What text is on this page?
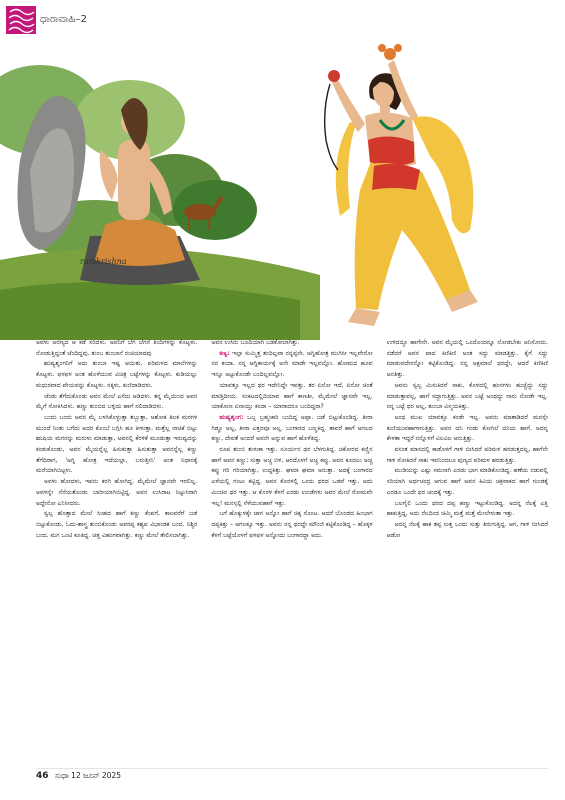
ಧಾರಾವಾಹಿ–2
ramkrishna

ಅವಳು ಅರಣ್ಯದ ಆ ಕಡೆ ಸರಿದಳು. ಅವನಿಗೆ ಬೆಗ ಬೆಗನೆ ತಿಂದಿಗಳನ್ನು ಕೊಟ್ಟಳು. ನೋಡುತ್ತಿದ್ದಂತೆ ಚೆಂದಿದ್ದವು. ತುಂಬ ತುಂಬಾನೆ ರುಚಿಯಾದವು

ಋಷ್ಯಶೃಂಗನಿಗೆ ಅದು ತುಂಬಾ ಇಷ್ಟ ಆಯಿತು. ಪರಿಮಳದ ಮಾಲೆಗಳನ್ನು ಕೊಟ್ಟಳು. ಫಳಫಳ ಅಂತ ಹೊಳೆಯುವ ವಿಚಿತ್ರ ಬಟ್ಟೆಗಳನ್ನು ಕೊಟ್ಟಳು. ಕುಡಿಯಲ್ಲು ಮಧುರವಾದ ಪೇಯವನ್ನು ಕೊಟ್ಟಳು. ನಕ್ಕಳು, ಕುಣಿದಾಡಿದಳು.

ಚೆಂಡು ತೆಗೆದುಕೊಂಡು ಅವನ ಮೇಲೆ ಎಸೆದು ಆಡಿದಳು. ತನ್ನ ಮೈಯಿಂದ ಅವನ ಮೈಗೆ ಸೋಕಿಸಿದಳು. ಹಣ್ಣು ತುಂಬಿದ ಬಳ್ಳಿಯ ಹಾಗೆ ನಲಿದಾಡಿದಳು.

ಬಂದು ಬಂದು ಅವನ ಮೈ ಬಳಸಿಕೊಳ್ಳುತ್ತಾ ತಬ್ಬುತ್ತಾ, ಅಶೋಕ ತಿಲಕ ಮರಗಳ ಮುಂದೆ ನಿಂತು ಬಗೆದು ಅದರ ಕೊಂಬೆ ಬಗ್ಗಿಸಿ ಹೂ ಕೀಳುತ್ತಾ, ಮತ್ತೆಲ್ಲ ನಾಚಿಕೆ ಬಿಟ್ಟು ಋಷಿಯ ಮಗನನ್ನು ಮರುಳು ಮಾಡುತ್ತಾ, ಅವನಲ್ಲಿ ಕೆರಳಿಕೆ ಮೂಡುತ್ತಾ ಇರುವ್ವದನ್ನು ಕಂಡುಕೊಂಡು, ಅವನ ಮೈಯನ್ನೆಲ್ಲ ಹಿಸುಕುತ್ತಾ ಹಿಸುಕುತ್ತಾ ಅವನನ್ನೆಲ್ಲ ಕಣ್ಣು ತೆಗೆದಿರಾಗ, 'ಅಗ್ನಿ ಹೋತ್ರ ಇದೆಯಲ್ಲಾ, ಬರುತ್ತೀನಿ' ಅಂತ ನಿಧಾನಕ್ಕೆ ಮರೆಯಾಗಿಬಿಟ್ಟಳು.

ಅವಳು ಹೋದಳು, ಇವನು ಕರಗಿ ಹೋಗಿದ್ದ. ಮೈಮೇಲೆ ಜ್ಞಾನವೇ ಇರಲಿಲ್ಲ. ಅವಳನ್ನೇ ನೆನೆಯತೊಂಡು ಬಾರೀಯಾಗಿಬಿಟ್ಟಿದ್ದ. ಅವನ ಉಸಿರಾಟ ನಿಟ್ಟುಸಿರಾಗಿ ಅದ್ದೇನೋ ಎನಿಸೀದರು.

ಸ್ವಲ್ಪ ಹೊತ್ತಾದ ಮೇಲೆ ಸಿಂಹದ ಹಾಗೆ ಕಣ್ಣು ಕೆಂಪಗೆ, ಕಾಲವರೆಗೆ ಜಡೆ ಬಿಟ್ಟುಕೊಂಡು, ಓದು-ಶಾಸ್ತ್ರ ತುಂಬಿಕೊಂಡು ಅವರಪ್ಪ ಕಶ್ಯಪ ವಿಭಾಂಡಕ ಬಂದ. ನಿಶ್ಚಿರ ಬಂದ. ಮಗ ಒಂಟಿ ಕೂತಿದ್ದ. ಚಿತ್ತ ವಿಹಂಗವಾಗಿತ್ತು. ಕಣ್ಣು ಮೇಲೆ ತೇಲಿಸಲಾಗಿತ್ತು.

ಅವನ ಉಸಿರು ಬೂದಿಯಾಗಿ ಬಡಕೋಲಾಗಿತ್ತು.

ಕಣ್ವ: ಇಲ್ಲಾ ಸುಮ್ಮಿತ್ತ ತಂದಿಲ್ಲವಾ ನನ್ನಪ್ಪನೇ. ಅಗ್ನಿಹೋತ್ರ ಮುಗಿಸೀ ಇಲ್ಲವೇನೋ ನನ ಕಂದಾ. ನನ್ನ ಆಗ್ನಿಕಾರ್ಯಕ್ಕೆ ಅನೇ ಮಾಡೇ ಇಲ್ಲವಲ್ಲೋ. ಹೋಮದ ಹೂವ ಇನ್ನೂ ಅಟ್ಟುಕೊಂಡೇ ಬಂದಿಲ್ಲವಲ್ಲೋ.

ಯಾವತ್ತೂ ಇಲ್ಲದ ಥರ ಇದೇನಿದ್ದೇ ಇವತ್ತು. ತರ ಏನೋ ಇದೆ, ಏನೋ ಚಿಂತೆ ಮಾಡ್ತಿದೀಯ. ಸಂಕಟದಲ್ಲಿದಿಯಾವ ಹಾಗೆ ಕಾಣತೀ, ಮೈಮೇಲೆ ಜ್ಞಾನವೇ ಇಲ್ಲ. ಯಾಕೋಣ ಏನಾಯ್ತು ಕಂದಾ – ಯಾರಾದರೂ ಬಂದಿದ್ದರಾ?

ಋಷ್ಯಶೃಂಗ: ಒಬ್ಬ ಬ್ರಹ್ಮಚಾರಿ ಬಂದಿದ್ದ ಅಪ್ಪಾ. ಜಡೆ ಬಿಟ್ಟುಕೊಂಡಿದ್ದ. ತೀರಾ ಗಿಡ್ಡೂ ಅಲ್ಲ, ತೀರಾ ಎತ್ತರವೂ ಅಲ್ಲ. ಬಂಗಾರದ ಬಣ್ಣಕಿದ್ದ. ತಾವರೆ ಹಾಗೆ ಅಗಲದ ಕಣ್ಣು, ದೇವತೆ ಅಂದರೆ ಅವನೇ ಅನ್ನುವ ಹಾಗೆ ಹೊಳೆತಿದ್ದ.

ರೂಪ ತುಂಬಿ ತುಳುಕಾ ಇತ್ತು. ಸೂರ್ಯನ ಥರ ಬೆಳಗುತಿದ್ದ. ಚಕೋರದ ಕಣ್ಣಿನ ಹಾಗೆ ಅವನ ಕಣ್ಣು; ಸುತ್ತಾ ಅಚ್ಚ ಬಿಳಿ, ಆರದೊಳಗೆ ಅಚ್ಚ ಕಪ್ಪು. ಅವನ ಕೂದಲು ಅಚ್ಚ ಕಪ್ಪು ಗರಿ ಗರಿಯಾಗಿತ್ತು, ಉದ್ದಕಿತ್ತು. ಘಮಾ ಘಮಾ ಅನುತ್ತಾ. ಅದಕ್ಕೆ ಬಂಗಾರದ ಎಳೆಯಲ್ಲಿ ಗಂಟು ಕಟ್ಟಿದ್ದ. ಅವನ ಕೊರಳಲ್ಲಿ ಒಂದು ಥರದ ಒಡವೆ ಇತ್ತು. ಅದು ಮಿಂಚಿನ ಥರ ಇತ್ತು. ಆ ಕೊರಳ ಕೆಳಗೆ ಎರಡು ಉಂಡೆಗಳು ಅವರ ಮೇಲೆ ರೋಮವೇ ಇಲ್ಲ! ಮನಸ್ಸಲ್ಲಿ ಸೆಳೆಯುವಹಾಗೆ ಇತ್ತು.

ಬಗೆ ಹೊಕ್ಕುಳಕ್ಕೇ ಜಾಗ ಅನ್ನೋ ಹಾಗೆ ಚಿಕ್ಕ ಸೊಂಟ. ಆದರೆ ಬೊಂಡದ ಹಿಂಭಾಗ ದಪ್ಪಕಿತ್ತು – ಅಗಲಕ್ಕೂ ಇತ್ತು. ಅವನು ನನ್ನ ಥರದ್ದೇ ಮೌಂಜಿ ಕಟ್ಟಿಕೊಂಡಿದ್ದ – ಹೊಕ್ಕಳ ಕೆಳಗೆ ಬಟ್ಟೆಯೊಳಗೆ ಫಳಫಳ ಅನ್ನೋದು ಬಂಗಾರದ್ದಾ ಅದು.

ಉಳಿದದ್ದೂ ಹಾಗೇನೇ. ಅವನ ಮೈಯಲ್ಲಿ ಒಂದೊಂದನ್ನೂ ನೋಡಬೇಕು ಅನಿಸೋದು. ನಡೆದರೆ ಅವನ ಪಾದ ಕಿಣಿಕಿಣಿ ಅಂತ ಸದ್ದು ಮಾಡತ್ತಿತ್ತು. ಕೈಗೆ ಸದ್ದು ಮಾಡುವದೇನನ್ನೋ ಕಟ್ಟಿಕೊಂಡಿದ್ದ. ನನ್ನ ಅಕ್ಷಮಾಲೆ ಥರದ್ದೇ, ಆದರೆ ಕಿಣಿಕಿಣಿ ಅನತಿತ್ತು.

ಅವನು ಸ್ವಲ್ಪ ಮಿಸುಕಿದರೆ ಸಾಕು, ಕೊಳದಲ್ಲಿ ಹಂಸಗಳು ಹುಚ್ಚೆದ್ದು ಸದ್ದು ಮಾಡುತ್ತಾವಲ್ಲ, ಹಾಗೆ ಸದ್ದಾಗುತ್ತಿತ್ತು. ಅವನ ಬಟ್ಟೆ ಅಂಥದ್ದು ನಾನು ನೋಡೇ ಇಲ್ಲ. ನನ್ನ ಬಟ್ಟೆ ಥರ ಅಲ್ಲ, ತುಂಬಾ ವಿಸ್ಮಯಕಿತ್ತು.

ಅಂಥ ಮುಖ ಯಾವತ್ತೂ ಕಂಡೇ ಇಲ್ಲ. ಅವನು ಮಾತಾಡಿದರೆ ಮನಸ್ಸೇ ಕುಣಿಯುವಹಾಗಾಗುತ್ತಿತ್ತು. ಅವನ ದನಿ ಗಂಡು ಕೋಗಿಲೆ ದನಿಯ ಹಾಗೆ. ಅದನ್ನ ಕೇಳತಾ ಇದ್ದರೆ ನನ್ನೊಳಗೆ ವಿಲವಿಲ ಅನುತ್ತಿತ್ತು.

ವಸಂತ ಮಾಸದಲ್ಲಿ ಕಾಡೊಳಗೆ ಗಾಳಿ ಬೀಸಿದರೆ ಪರಿಮಳ ಹರಡುತ್ತದಲ್ಲ, ಹಾಗೆನೇ ಗಾಳಿ ಸೋಕಿದರೆ ಸಾಕು ಇವನಿಂದಲೂ ಪುಣ್ಯದ ಪರಿಮಳ ಹರಡುತ್ತಿತ್ತು.

ಮುಡಿಯನ್ನು ಎಷ್ಟು ಸಮನಾಗಿ ಎರಡು ಭಾಗ ಮಾಡಿಕೊಂಡಿದ್ದ. ಹಣೆಯ ನಡುವಲ್ಲಿ ಸರಿಯಾಗಿ ಅರ್ಧಚಂದ್ರ ಆಗುವ ಹಾಗೆ ಅವನ ಕಿವಿಯ ಚಕ್ರವಾಕದ ಹಾಗೆ ಗುಂಡಕ್ಕೆ ಎರಡೂ ಒಂದೇ ಥರ ಚಂದಕ್ಕೆ ಇತ್ತು.

ಬಲಗೈಲಿ ಒಂದು ಥರದ ದಪ್ಪ ಹಣ್ಣು ಇಟ್ಟುಕೊಂಡಿದ್ದ. ಅದನ್ನ ನೆಲಕ್ಕೆ ಎತ್ತಿ ಹಾಕುತ್ತಿದ್ದ, ಅದು ನೆಲದಿಂದ ಚಿಮ್ಮಿ ಮತ್ತೆ ಮತ್ತೆ ಮೇಲೇಳುತಾ ಇತ್ತು.

ಅದನ್ನ ನೆಲಕ್ಕೆ ಹಾಕ ತಪ್ಪ ಸುತ್ತ ಒಂದು ಸುತ್ತು ತಿರುಗುತ್ತಿದ್ದ. ಆಗ, ಗಾಳಿ ಬೀಸಿದರೆ ಆಡೋ

46 ಸುಧಾ 12 ಜೂನ್ 2025
